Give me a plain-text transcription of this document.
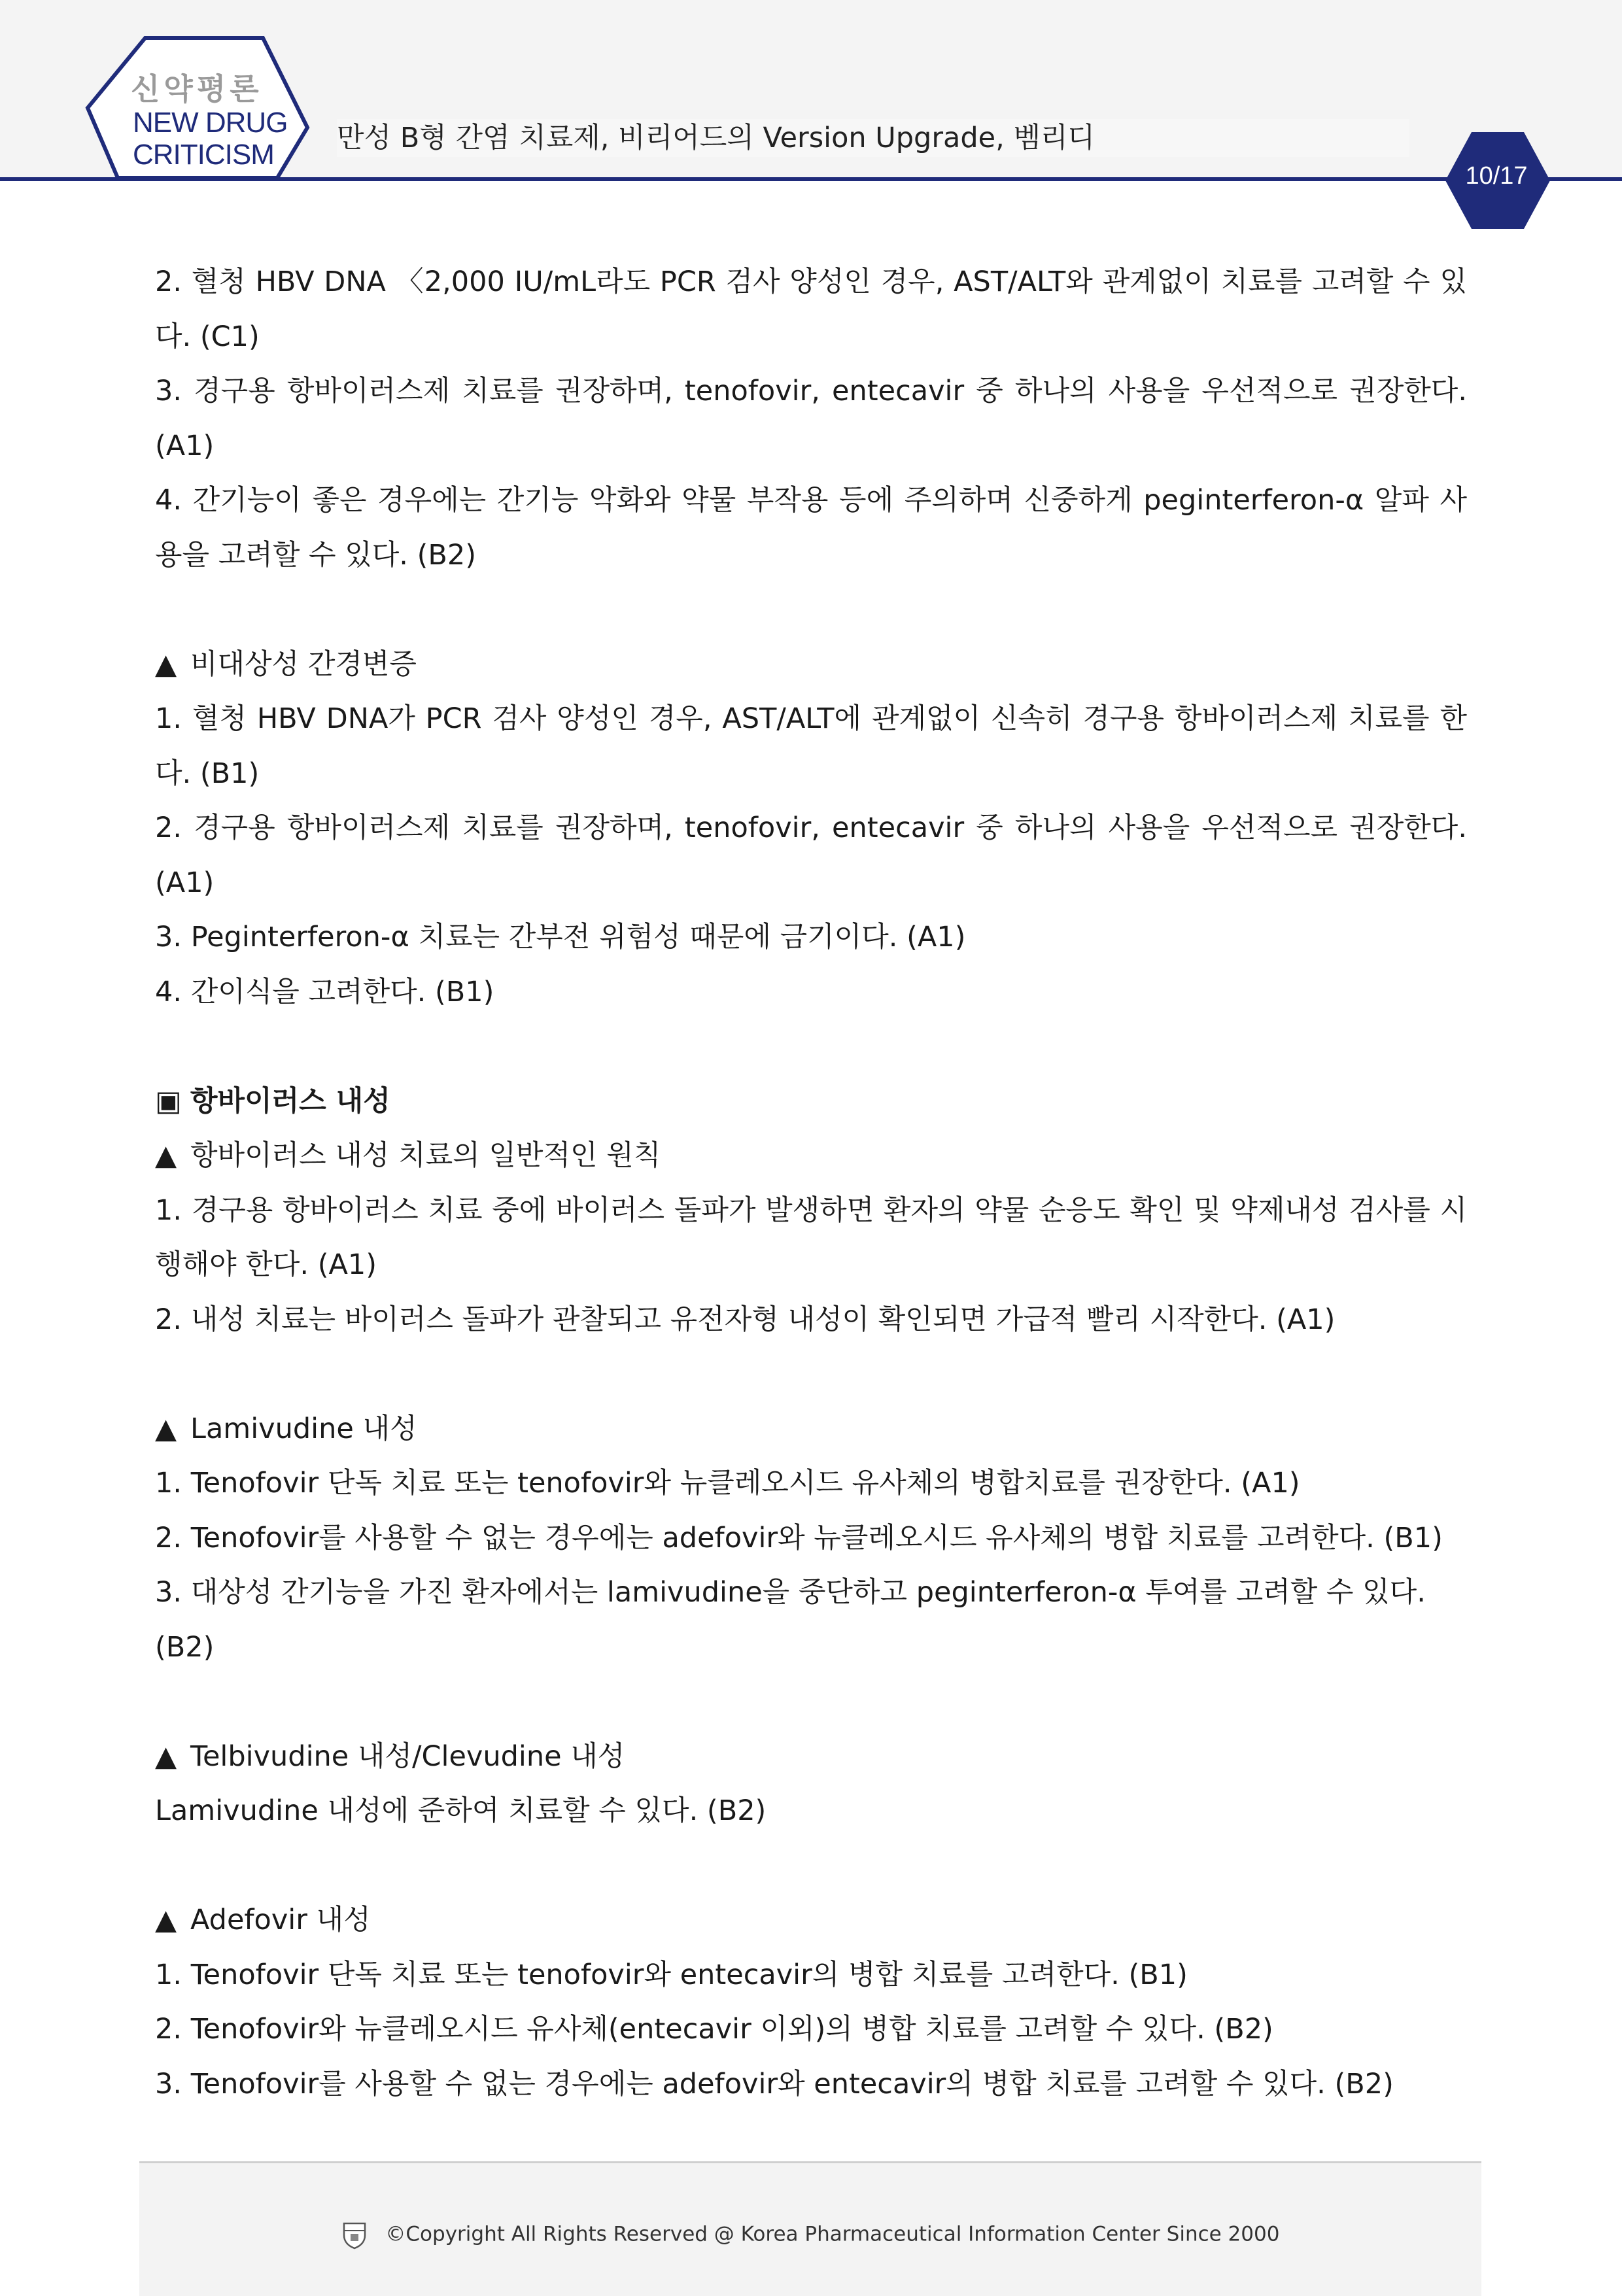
신약평론
NEW DRUG
CRITICISM
만성 B형 간염 치료제, 비리어드의 Version Upgrade, 벰리디
10/17

2. 혈청 HBV DNA 〈2,000 IU/mL라도 PCR 검사 양성인 경우, AST/ALT와 관계없이 치료를 고려할 수 있다. (C1)

3. 경구용 항바이러스제 치료를 권장하며, tenofovir, entecavir 중 하나의 사용을 우선적으로 권장한다. (A1)

4. 간기능이 좋은 경우에는 간기능 악화와 약물 부작용 등에 주의하며 신중하게 peginterferon-α 알파 사용을 고려할 수 있다. (B2)

▲ 비대상성 간경변증

1. 혈청 HBV DNA가 PCR 검사 양성인 경우, AST/ALT에 관계없이 신속히 경구용 항바이러스제 치료를 한다. (B1)

2. 경구용 항바이러스제 치료를 권장하며, tenofovir, entecavir 중 하나의 사용을 우선적으로 권장한다. (A1)

3. Peginterferon-α 치료는 간부전 위험성 때문에 금기이다. (A1)

4. 간이식을 고려한다. (B1)

▣ 항바이러스 내성

▲ 항바이러스 내성 치료의 일반적인 원칙

1. 경구용 항바이러스 치료 중에 바이러스 돌파가 발생하면 환자의 약물 순응도 확인 및 약제내성 검사를 시행해야 한다. (A1)

2. 내성 치료는 바이러스 돌파가 관찰되고 유전자형 내성이 확인되면 가급적 빨리 시작한다. (A1)

▲ Lamivudine 내성

1. Tenofovir 단독 치료 또는 tenofovir와 뉴클레오시드 유사체의 병합치료를 권장한다. (A1)

2. Tenofovir를 사용할 수 없는 경우에는 adefovir와 뉴클레오시드 유사체의 병합 치료를 고려한다. (B1)

3. 대상성 간기능을 가진 환자에서는 lamivudine을 중단하고 peginterferon-α 투여를 고려할 수 있다. (B2)

▲ Telbivudine 내성/Clevudine 내성

Lamivudine 내성에 준하여 치료할 수 있다. (B2)

▲ Adefovir 내성

1. Tenofovir 단독 치료 또는 tenofovir와 entecavir의 병합 치료를 고려한다. (B1)

2. Tenofovir와 뉴클레오시드 유사체(entecavir 이외)의 병합 치료를 고려할 수 있다. (B2)

3. Tenofovir를 사용할 수 없는 경우에는 adefovir와 entecavir의 병합 치료를 고려할 수 있다. (B2)

©Copyright All Rights Reserved @ Korea Pharmaceutical Information Center Since 2000
